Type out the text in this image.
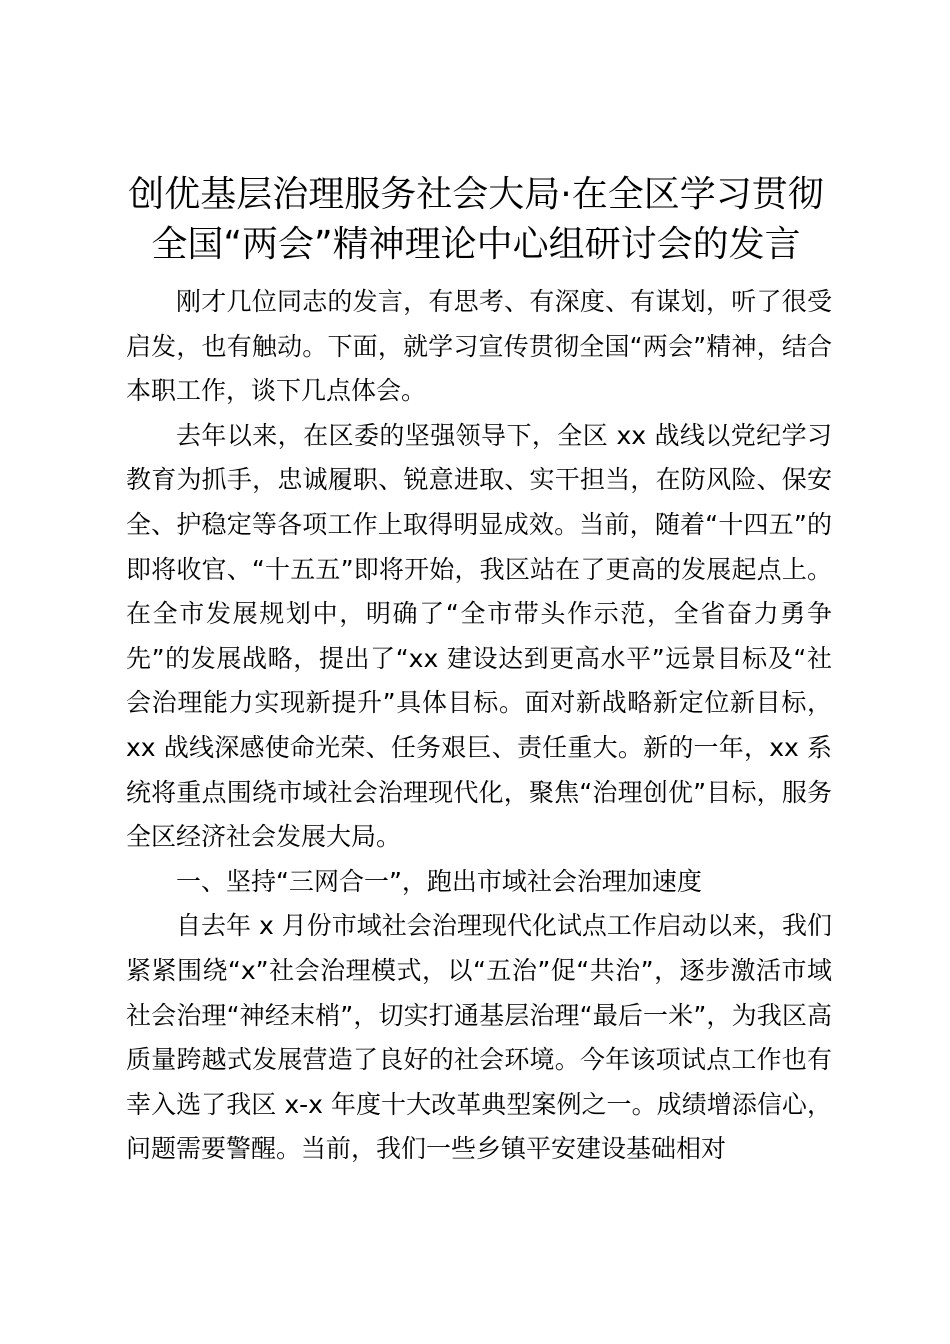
创优基层治理服务社会大局·在全区学习贯彻
全国“两会”精神理论中心组研讨会的发言

刚才几位同志的发言，有思考、有深度、有谋划，听了很受启发，也有触动。下面，就学习宣传贯彻全国“两会”精神，结合本职工作，谈下几点体会。

去年以来，在区委的坚强领导下，全区 xx 战线以党纪学习教育为抓手，忠诚履职、锐意进取、实干担当，在防风险、保安全、护稳定等各项工作上取得明显成效。当前，随着“十四五”的即将收官、“十五五”即将开始，我区站在了更高的发展起点上。在全市发展规划中，明确了“全市带头作示范，全省奋力勇争先”的发展战略，提出了“xx 建设达到更高水平”远景目标及“社会治理能力实现新提升”具体目标。面对新战略新定位新目标，xx 战线深感使命光荣、任务艰巨、责任重大。新的一年，xx 系统将重点围绕市域社会治理现代化，聚焦“治理创优”目标，服务全区经济社会发展大局。

一、坚持“三网合一”，跑出市域社会治理加速度

自去年 x 月份市域社会治理现代化试点工作启动以来，我们紧紧围绕“x”社会治理模式，以“五治”促“共治”，逐步激活市域社会治理“神经末梢”，切实打通基层治理“最后一米”，为我区高质量跨越式发展营造了良好的社会环境。今年该项试点工作也有幸入选了我区 x-x 年度十大改革典型案例之一。成绩增添信心，问题需要警醒。当前，我们一些乡镇平安建设基础相对
